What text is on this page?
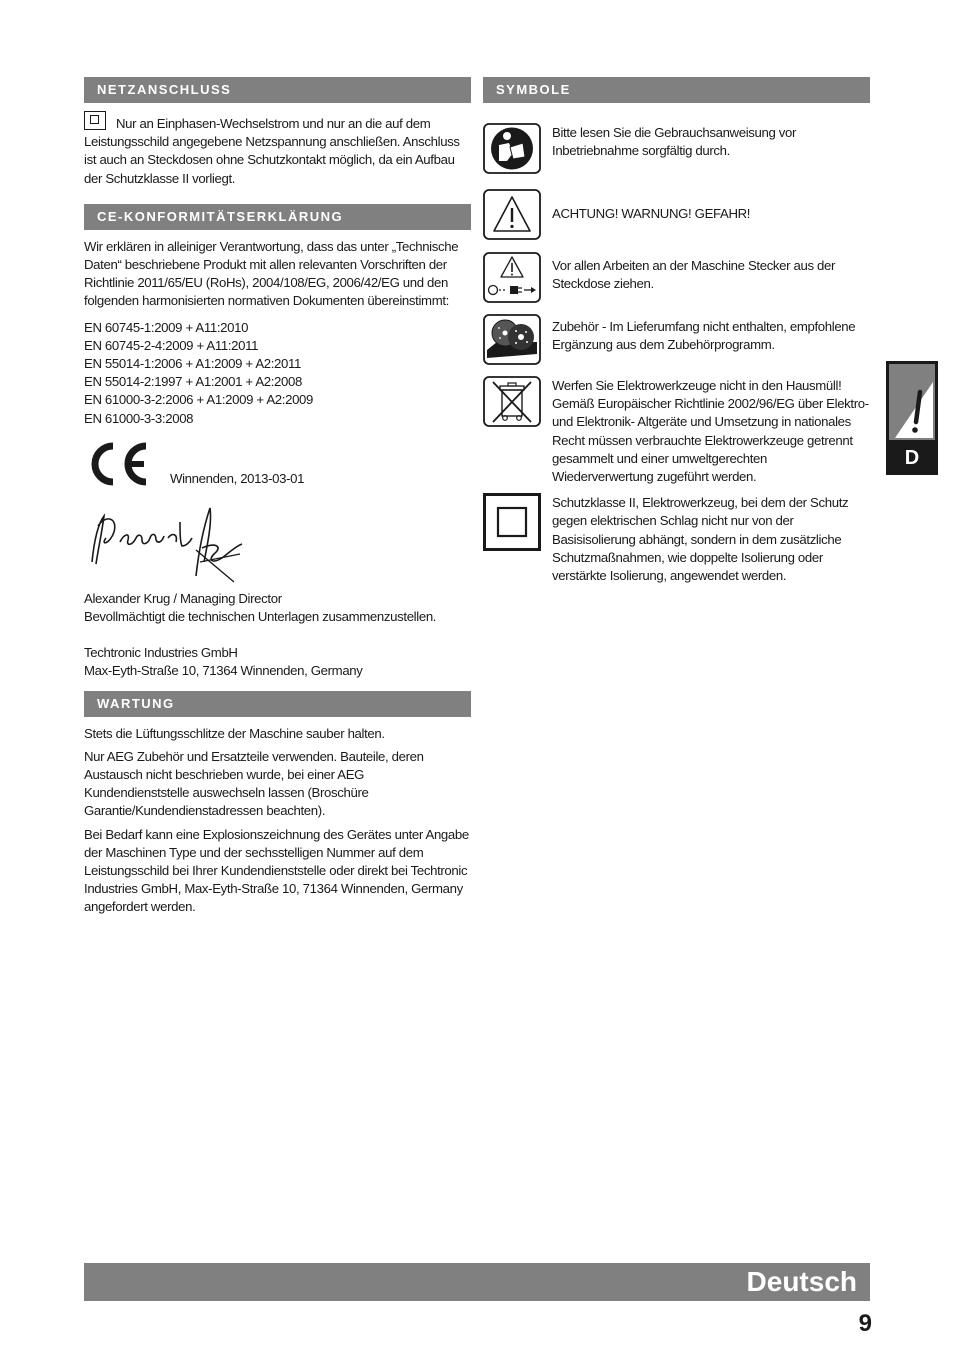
NETZANSCHLUSS
Nur an Einphasen-Wechselstrom und nur an die auf dem Leistungsschild angegebene Netzspannung anschließen. Anschluss ist auch an Steckdosen ohne Schutzkontakt möglich, da ein Aufbau der Schutzklasse II vorliegt.
CE-KONFORMITÄTSERKLÄRUNG

Wir erklären in alleiniger Verantwortung, dass das unter „Technische Daten“ beschriebene Produkt mit allen relevanten Vorschriften der Richtlinie 2011/65/EU (RoHs), 2004/108/EG, 2006/42/EG und den folgenden harmonisierten normativen Dokumenten übereinstimmt:

EN 60745-1:2009 + A11:2010
EN 60745-2-4:2009 + A11:2011
EN 55014-1:2006 + A1:2009 + A2:2011
EN 55014-2:1997 + A1:2001 + A2:2008
EN 61000-3-2:2006 + A1:2009 + A2:2009
EN 61000-3-3:2008
Winnenden, 2013-03-01
Alexander Krug / Managing Director
Bevollmächtigt die technischen Unterlagen zusammenzustellen.
Techtronic Industries GmbH
Max-Eyth-Straße 10, 71364 Winnenden, Germany
WARTUNG

Stets die Lüftungsschlitze der Maschine sauber halten.

Nur AEG Zubehör und Ersatzteile verwenden. Bauteile, deren Austausch nicht beschrieben wurde, bei einer AEG Kundendienststelle auswechseln lassen (Broschüre Garantie/Kundendienstadressen beachten).

Bei Bedarf kann eine Explosionszeichnung des Gerätes unter Angabe der Maschinen Type und der sechsstelligen Nummer auf dem Leistungsschild bei Ihrer Kundendienststelle oder direkt bei Techtronic Industries GmbH, Max-Eyth-Straße 10, 71364 Winnenden, Germany angefordert werden.

SYMBOLE
Bitte lesen Sie die Gebrauchsanweisung vor Inbetriebnahme sorgfältig durch.
ACHTUNG! WARNUNG! GEFAHR!
Vor allen Arbeiten an der Maschine Stecker aus der Steckdose ziehen.
Zubehör - Im Lieferumfang nicht enthalten, empfohlene Ergänzung aus dem Zubehörprogramm.
Werfen Sie Elektrowerkzeuge nicht in den Hausmüll! Gemäß Europäischer Richtlinie 2002/96/EG über Elektro- und Elektronik- Altgeräte und Umsetzung in nationales Recht müssen verbrauchte Elektrowerkzeuge getrennt gesammelt und einer umweltgerechten Wiederverwertung zugeführt werden.
Schutzklasse II, Elektrowerkzeug, bei dem der Schutz gegen elektrischen Schlag nicht nur von der Basisisolierung abhängt, sondern in dem zusätzliche Schutzmaßnahmen, wie doppelte Isolierung oder verstärkte Isolierung, angewendet werden.
D
Deutsch
9
